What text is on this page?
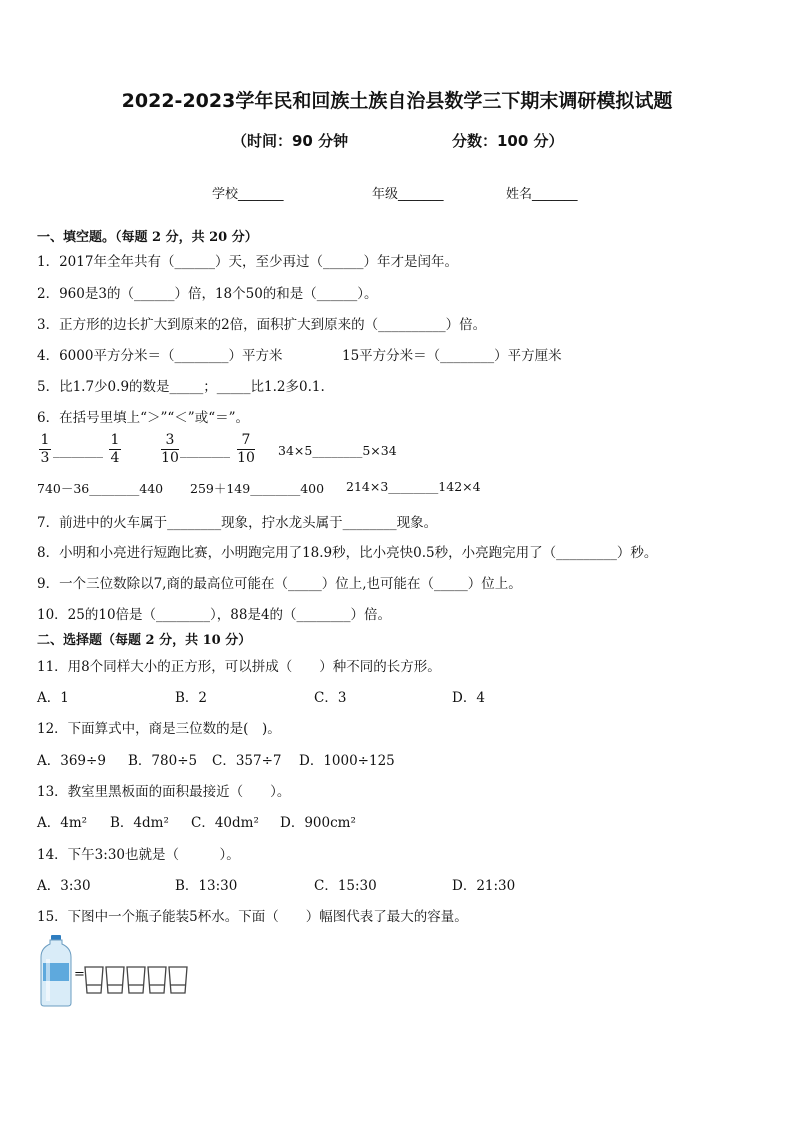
2022-2023学年民和回族土族自治县数学三下期末调研模拟试题
（时间：90 分钟	分数：100 分）
学校_______	年级_______	姓名_______
一、填空题。（每题 2 分，共 20 分）
1．2017年全年共有（______）天，至少再过（______）年才是闰年。
2．960是3的（______）倍，18个50的和是（______）。
3．正方形的边长扩大到原来的2倍，面积扩大到原来的（__________）倍。
4．6000平方分米＝（________）平方米	15平方分米＝（________）平方厘米
5．比1.7少0.9的数是_____；_____比1.2多0.1.
6．在括号里填上“＞”“＜”或“＝”。
1
3 ________
1
4
3
10 ________
7
10 34×5________5×34
740－36________440 259＋149________400 214×3________142×4
7．前进中的火车属于________现象，拧水龙头属于________现象。
8．小明和小亮进行短跑比赛，小明跑完用了18.9秒，比小亮快0.5秒，小亮跑完用了（_________）秒。
9．一个三位数除以7,商的最高位可能在（_____）位上,也可能在（_____）位上。
10．25的10倍是（________），88是4的（________）倍。
二、选择题（每题 2 分，共 10 分）
11．用8个同样大小的正方形，可以拼成（　　）种不同的长方形。
A．1	B．2	C．3	D．4
12．下面算式中，商是三位数的是(　)。
A．369÷9 B．780÷5 C．357÷7 D．1000÷125
13．教室里黑板面的面积最接近（　　）。
A．4m² B．4dm² C．40dm² D．900cm²
14．下午3:30也就是（　　　）。
A．3:30	B．13:30	C．15:30	D．21:30
15．下图中一个瓶子能装5杯水。下面（　　）幅图代表了最大的容量。
=
